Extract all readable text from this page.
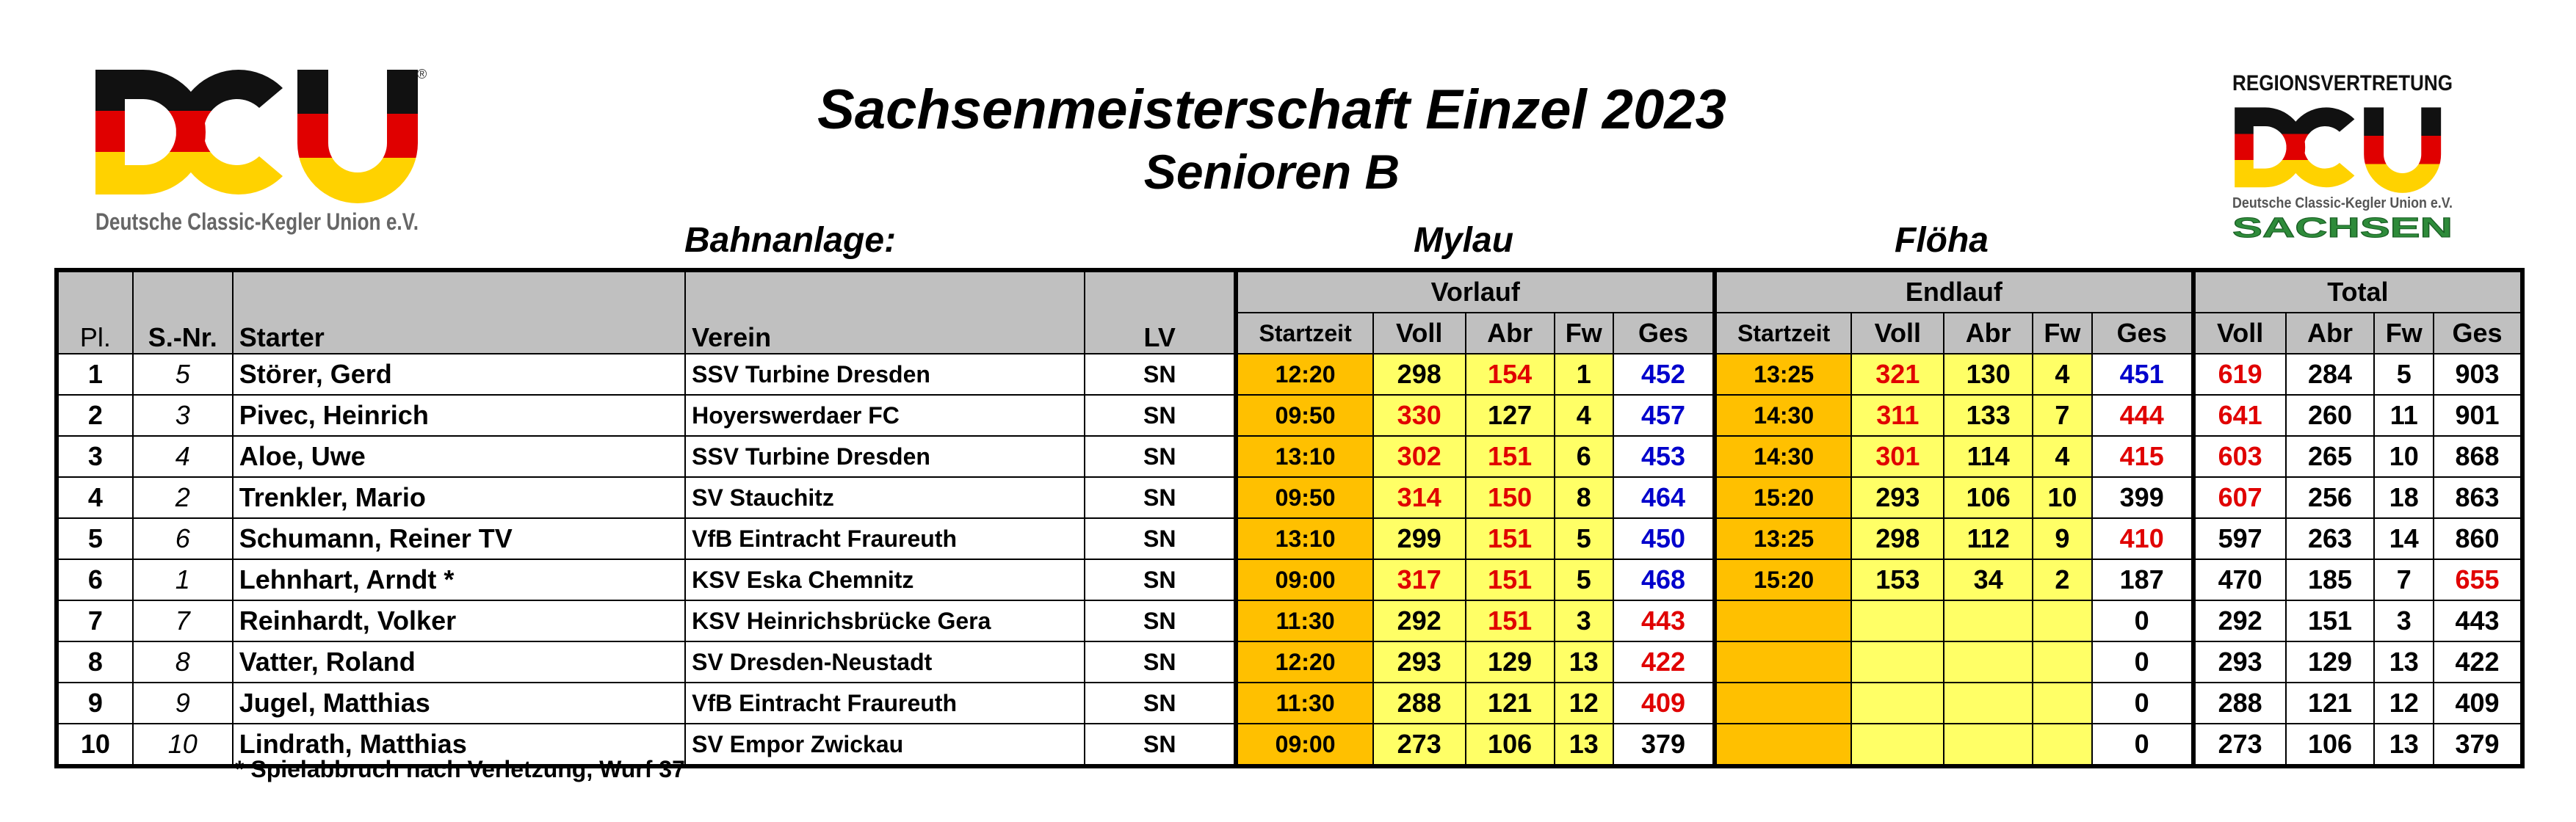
®
Deutsche Classic-Kegler Union e.V.
Sachsenmeisterschaft Einzel 2023
Senioren B
Bahnanlage:	Mylau	Flöha
REGIONSVERTRETUNG
Deutsche Classic-Kegler Union e.V.
SACHSEN
Pl.	S.-Nr.	Starter	Verein	LV	Vorlauf					Endlauf					Total			
					Startzeit	Voll	Abr	Fw	Ges	Startzeit	Voll	Abr	Fw	Ges	Voll	Abr	Fw	Ges
1	5	Störer, Gerd	SSV Turbine Dresden	SN	12:20	298	154	1	452	13:25	321	130	4	451	619	284	5	903
2	3	Pivec, Heinrich	Hoyerswerdaer FC	SN	09:50	330	127	4	457	14:30	311	133	7	444	641	260	11	901
3	4	Aloe, Uwe	SSV Turbine Dresden	SN	13:10	302	151	6	453	14:30	301	114	4	415	603	265	10	868
4	2	Trenkler, Mario	SV Stauchitz	SN	09:50	314	150	8	464	15:20	293	106	10	399	607	256	18	863
5	6	Schumann, Reiner TV	VfB Eintracht Fraureuth	SN	13:10	299	151	5	450	13:25	298	112	9	410	597	263	14	860
6	1	Lehnhart, Arndt *	KSV Eska Chemnitz	SN	09:00	317	151	5	468	15:20	153	34	2	187	470	185	7	655
7	7	Reinhardt, Volker	KSV Heinrichsbrücke Gera	SN	11:30	292	151	3	443					0	292	151	3	443
8	8	Vatter, Roland	SV Dresden-Neustadt	SN	12:20	293	129	13	422					0	293	129	13	422
9	9	Jugel, Matthias	VfB Eintracht Fraureuth	SN	11:30	288	121	12	409					0	288	121	12	409
10	10	Lindrath, Matthias	SV Empor Zwickau	SN	09:00	273	106	13	379					0	273	106	13	379
* Spielabbruch nach Verletzung, Wurf 37
